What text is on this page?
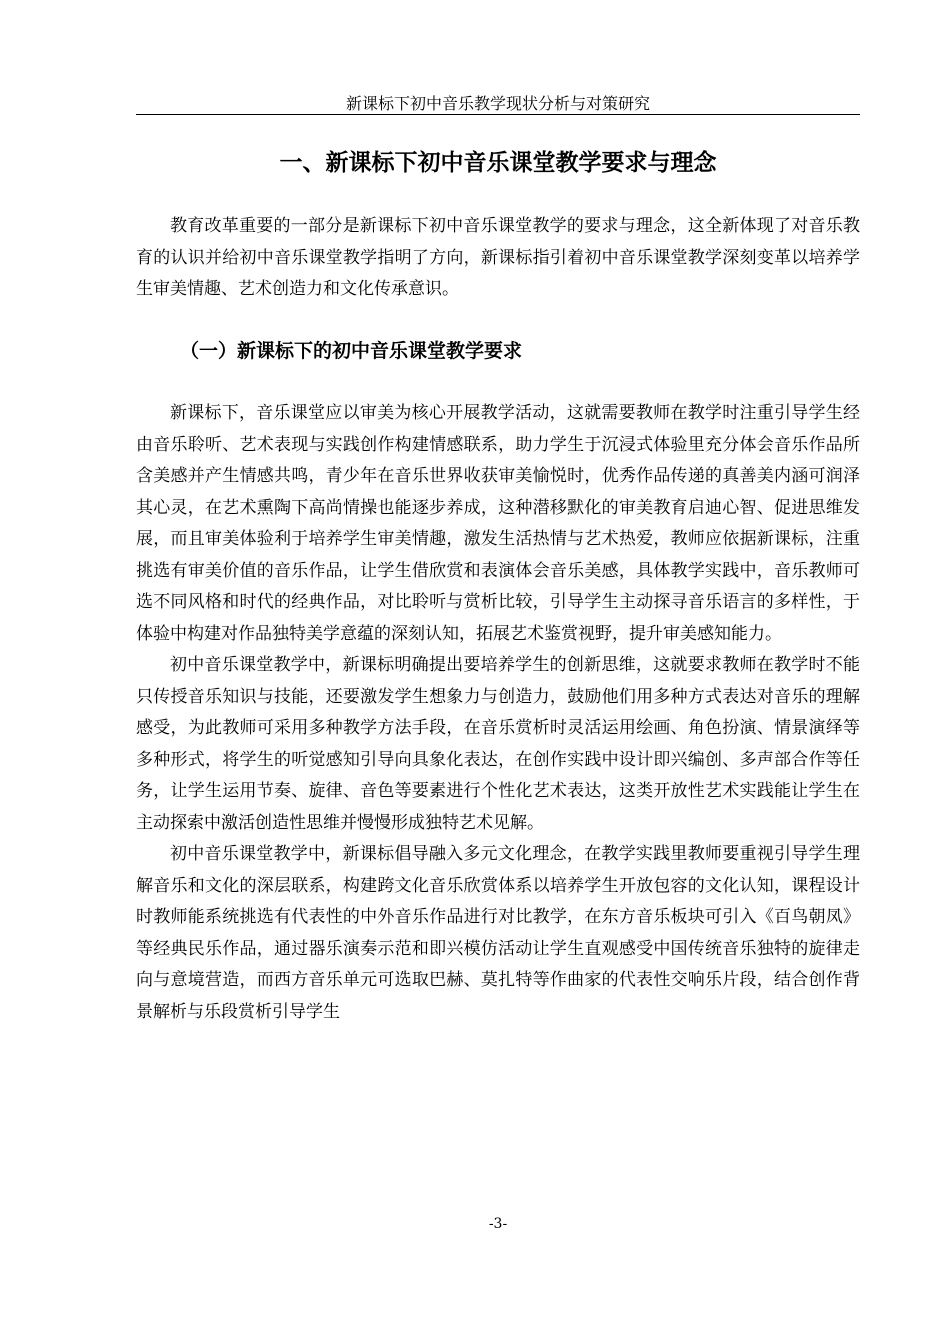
新课标下初中音乐教学现状分析与对策研究
一、新课标下初中音乐课堂教学要求与理念

教育改革重要的一部分是新课标下初中音乐课堂教学的要求与理念，这全新体现了对音乐教育的认识并给初中音乐课堂教学指明了方向，新课标指引着初中音乐课堂教学深刻变革以培养学生审美情趣、艺术创造力和文化传承意识。

（一）新课标下的初中音乐课堂教学要求

新课标下，音乐课堂应以审美为核心开展教学活动，这就需要教师在教学时注重引导学生经由音乐聆听、艺术表现与实践创作构建情感联系，助力学生于沉浸式体验里充分体会音乐作品所含美感并产生情感共鸣，青少年在音乐世界收获审美愉悦时，优秀作品传递的真善美内涵可润泽其心灵，在艺术熏陶下高尚情操也能逐步养成，这种潜移默化的审美教育启迪心智、促进思维发展，而且审美体验利于培养学生审美情趣，激发生活热情与艺术热爱，教师应依据新课标，注重挑选有审美价值的音乐作品，让学生借欣赏和表演体会音乐美感，具体教学实践中，音乐教师可选不同风格和时代的经典作品，对比聆听与赏析比较，引导学生主动探寻音乐语言的多样性，于体验中构建对作品独特美学意蕴的深刻认知，拓展艺术鉴赏视野，提升审美感知能力。

初中音乐课堂教学中，新课标明确提出要培养学生的创新思维，这就要求教师在教学时不能只传授音乐知识与技能，还要激发学生想象力与创造力，鼓励他们用多种方式表达对音乐的理解感受，为此教师可采用多种教学方法手段，在音乐赏析时灵活运用绘画、角色扮演、情景演绎等多种形式，将学生的听觉感知引导向具象化表达，在创作实践中设计即兴编创、多声部合作等任务，让学生运用节奏、旋律、音色等要素进行个性化艺术表达，这类开放性艺术实践能让学生在主动探索中激活创造性思维并慢慢形成独特艺术见解。

初中音乐课堂教学中，新课标倡导融入多元文化理念，在教学实践里教师要重视引导学生理解音乐和文化的深层联系，构建跨文化音乐欣赏体系以培养学生开放包容的文化认知，课程设计时教师能系统挑选有代表性的中外音乐作品进行对比教学，在东方音乐板块可引入《百鸟朝凤》等经典民乐作品，通过器乐演奏示范和即兴模仿活动让学生直观感受中国传统音乐独特的旋律走向与意境营造，而西方音乐单元可选取巴赫、莫扎特等作曲家的代表性交响乐片段，结合创作背景解析与乐段赏析引导学生

-3-
